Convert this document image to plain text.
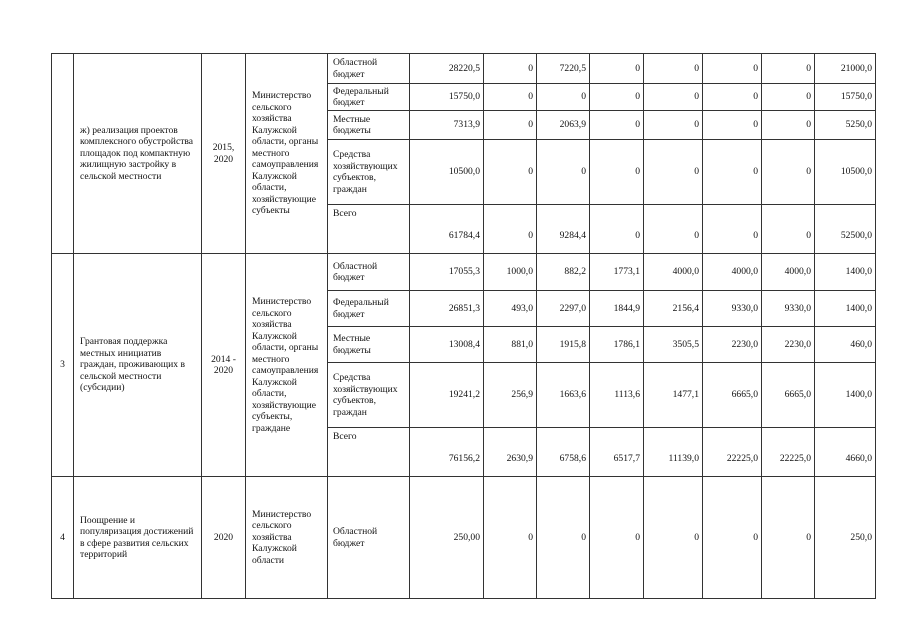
	ж) реализация проектов комплексного обустройства площадок под компактную жилищную застройку в сельской местности	2015, 2020	Министерство сельского хозяйства Калужской области, органы местного самоуправления Калужской области, хозяйствующие субъекты	Областной бюджет	28220,5	0	7220,5	0	0	0	0	21000,0
				Федеральный бюджет	15750,0	0	0	0	0	0	0	15750,0
				Местные бюджеты	7313,9	0	2063,9	0	0	0	0	5250,0
				Средства хозяйствующих субъектов, граждан	10500,0	0	0	0	0	0	0	10500,0
				Всего	61784,4	0	9284,4	0	0	0	0	52500,0
3	Грантовая поддержка местных инициатив граждан, проживающих в сельской местности (субсидии)	2014 - 2020	Министерство сельского хозяйства Калужской области, органы местного самоуправления Калужской области, хозяйствующие субъекты, граждане	Областной бюджет	17055,3	1000,0	882,2	1773,1	4000,0	4000,0	4000,0	1400,0
				Федеральный бюджет	26851,3	493,0	2297,0	1844,9	2156,4	9330,0	9330,0	1400,0
				Местные бюджеты	13008,4	881,0	1915,8	1786,1	3505,5	2230,0	2230,0	460,0
				Средства хозяйствующих субъектов, граждан	19241,2	256,9	1663,6	1113,6	1477,1	6665,0	6665,0	1400,0
				Всего	76156,2	2630,9	6758,6	6517,7	11139,0	22225,0	22225,0	4660,0
4	Поощрение и популяризация достижений в сфере развития сельских территорий	2020	Министерство сельского хозяйства Калужской области	Областной бюджет	250,00	0	0	0	0	0	0	250,0
